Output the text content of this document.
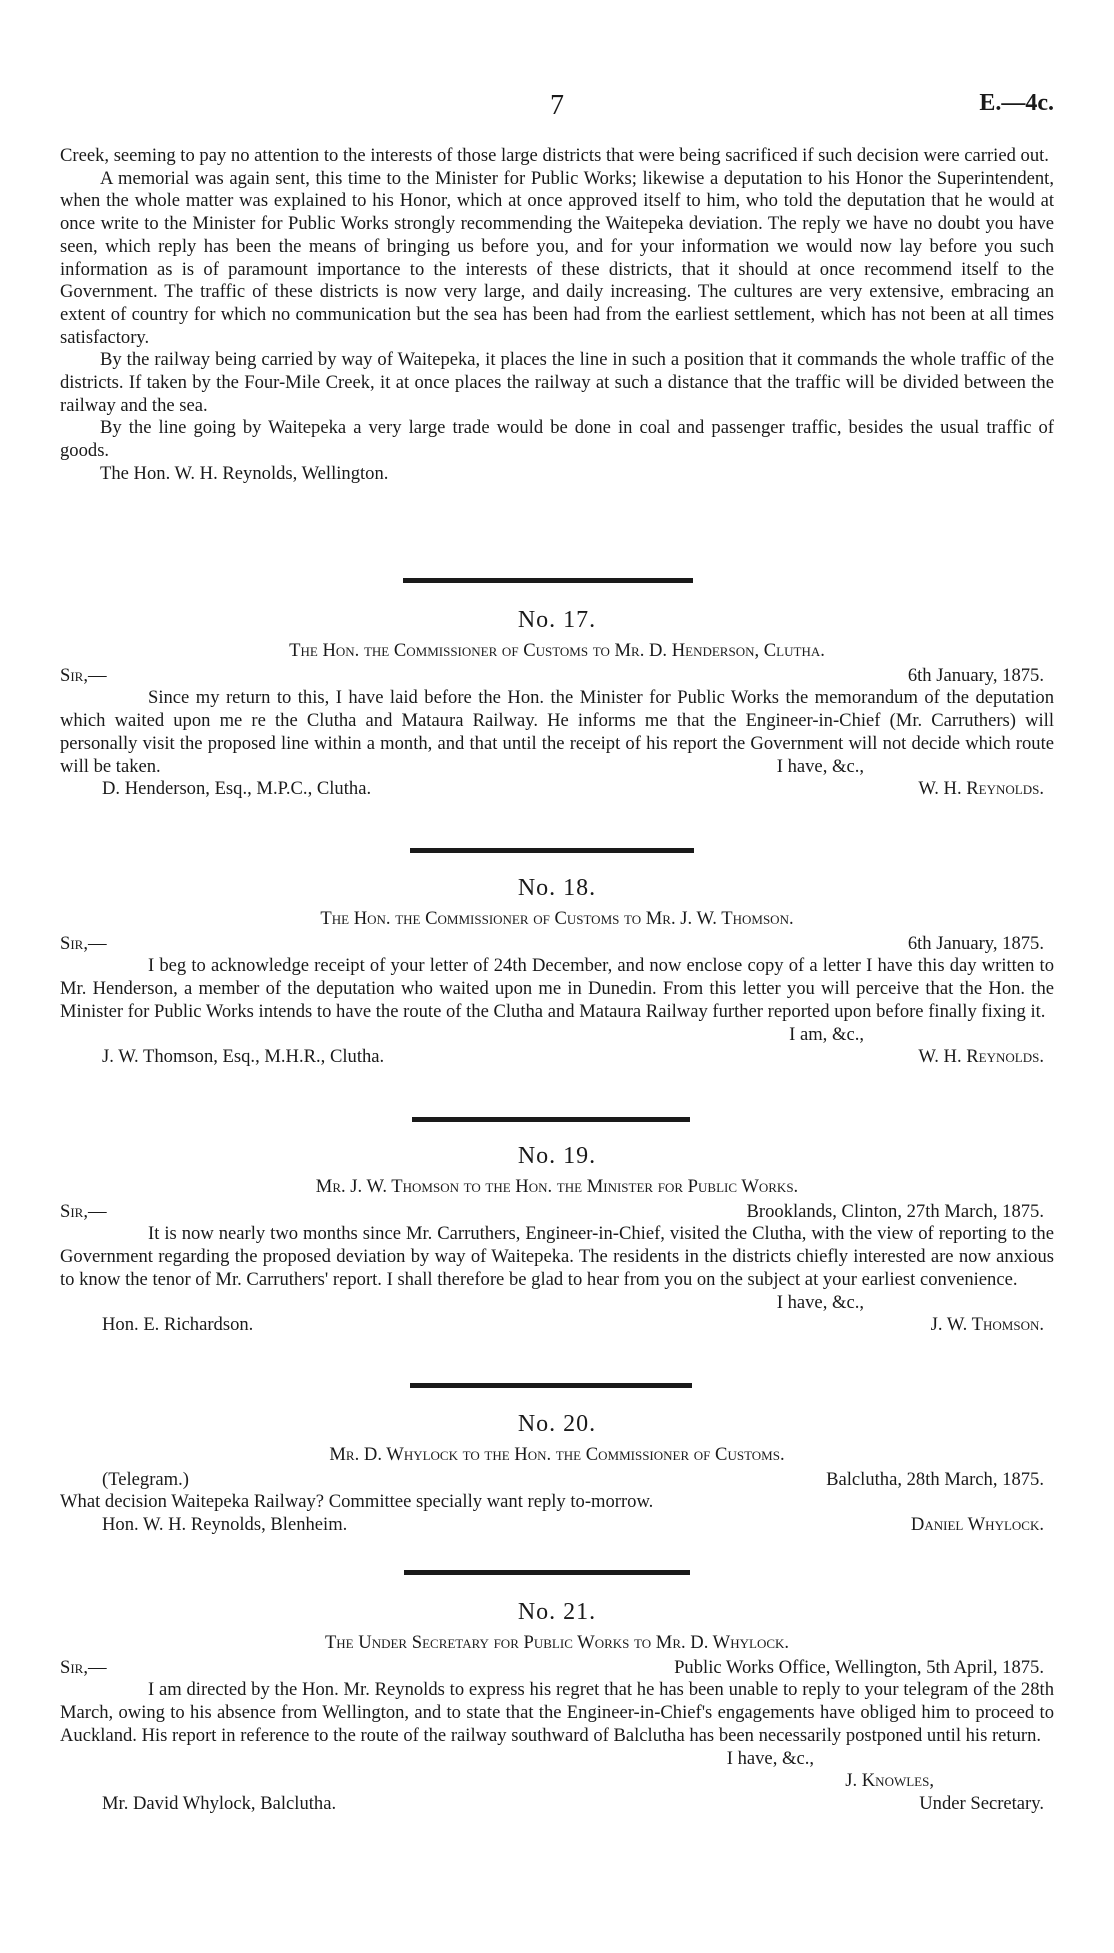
7	E.—4c.

Creek, seeming to pay no attention to the interests of those large districts that were being sacrificed if such decision were carried out.

A memorial was again sent, this time to the Minister for Public Works; likewise a deputation to his Honor the Superintendent, when the whole matter was explained to his Honor, which at once approved itself to him, who told the deputation that he would at once write to the Minister for Public Works strongly recommending the Waitepeka deviation. The reply we have no doubt you have seen, which reply has been the means of bringing us before you, and for your information we would now lay before you such information as is of paramount importance to the interests of these districts, that it should at once recommend itself to the Government. The traffic of these districts is now very large, and daily increasing. The cultures are very extensive, embracing an extent of country for which no communication but the sea has been had from the earliest settlement, which has not been at all times satisfactory.

By the railway being carried by way of Waitepeka, it places the line in such a position that it commands the whole traffic of the districts. If taken by the Four-Mile Creek, it at once places the railway at such a distance that the traffic will be divided between the railway and the sea.

By the line going by Waitepeka a very large trade would be done in coal and passenger traffic, besides the usual traffic of goods.

The Hon. W. H. Reynolds, Wellington.

No. 17.
The Hon. the Commissioner of Customs to Mr. D. Henderson, Clutha.
Sir,—	6th January, 1875.

Since my return to this, I have laid before the Hon. the Minister for Public Works the memorandum of the deputation which waited upon me re the Clutha and Mataura Railway. He informs me that the Engineer-in-Chief (Mr. Carruthers) will personally visit the proposed line within a month, and that until the receipt of his report the Government will not decide which route will be taken.	I have, &c.,
D. Henderson, Esq., M.P.C., Clutha.	W. H. Reynolds.
No. 18.
The Hon. the Commissioner of Customs to Mr. J. W. Thomson.
Sir,—	6th January, 1875.

I beg to acknowledge receipt of your letter of 24th December, and now enclose copy of a letter I have this day written to Mr. Henderson, a member of the deputation who waited upon me in Dunedin. From this letter you will perceive that the Hon. the Minister for Public Works intends to have the route of the Clutha and Mataura Railway further reported upon before finally fixing it.

I am, &c.,
J. W. Thomson, Esq., M.H.R., Clutha.	W. H. Reynolds.
No. 19.
Mr. J. W. Thomson to the Hon. the Minister for Public Works.
Sir,—	Brooklands, Clinton, 27th March, 1875.

It is now nearly two months since Mr. Carruthers, Engineer-in-Chief, visited the Clutha, with the view of reporting to the Government regarding the proposed deviation by way of Waitepeka. The residents in the districts chiefly interested are now anxious to know the tenor of Mr. Carruthers' report. I shall therefore be glad to hear from you on the subject at your earliest convenience.

I have, &c.,
Hon. E. Richardson.	J. W. Thomson.
No. 20.
Mr. D. Whylock to the Hon. the Commissioner of Customs.
(Telegram.)	Balclutha, 28th March, 1875.
What decision Waitepeka Railway? Committee specially want reply to-morrow.
Hon. W. H. Reynolds, Blenheim.	Daniel Whylock.
No. 21.
The Under Secretary for Public Works to Mr. D. Whylock.
Sir,—	Public Works Office, Wellington, 5th April, 1875.

I am directed by the Hon. Mr. Reynolds to express his regret that he has been unable to reply to your telegram of the 28th March, owing to his absence from Wellington, and to state that the Engineer-in-Chief's engagements have obliged him to proceed to Auckland. His report in reference to the route of the railway southward of Balclutha has been necessarily postponed until his return.

I have, &c.,
J. Knowles,
Mr. David Whylock, Balclutha.	Under Secretary.
